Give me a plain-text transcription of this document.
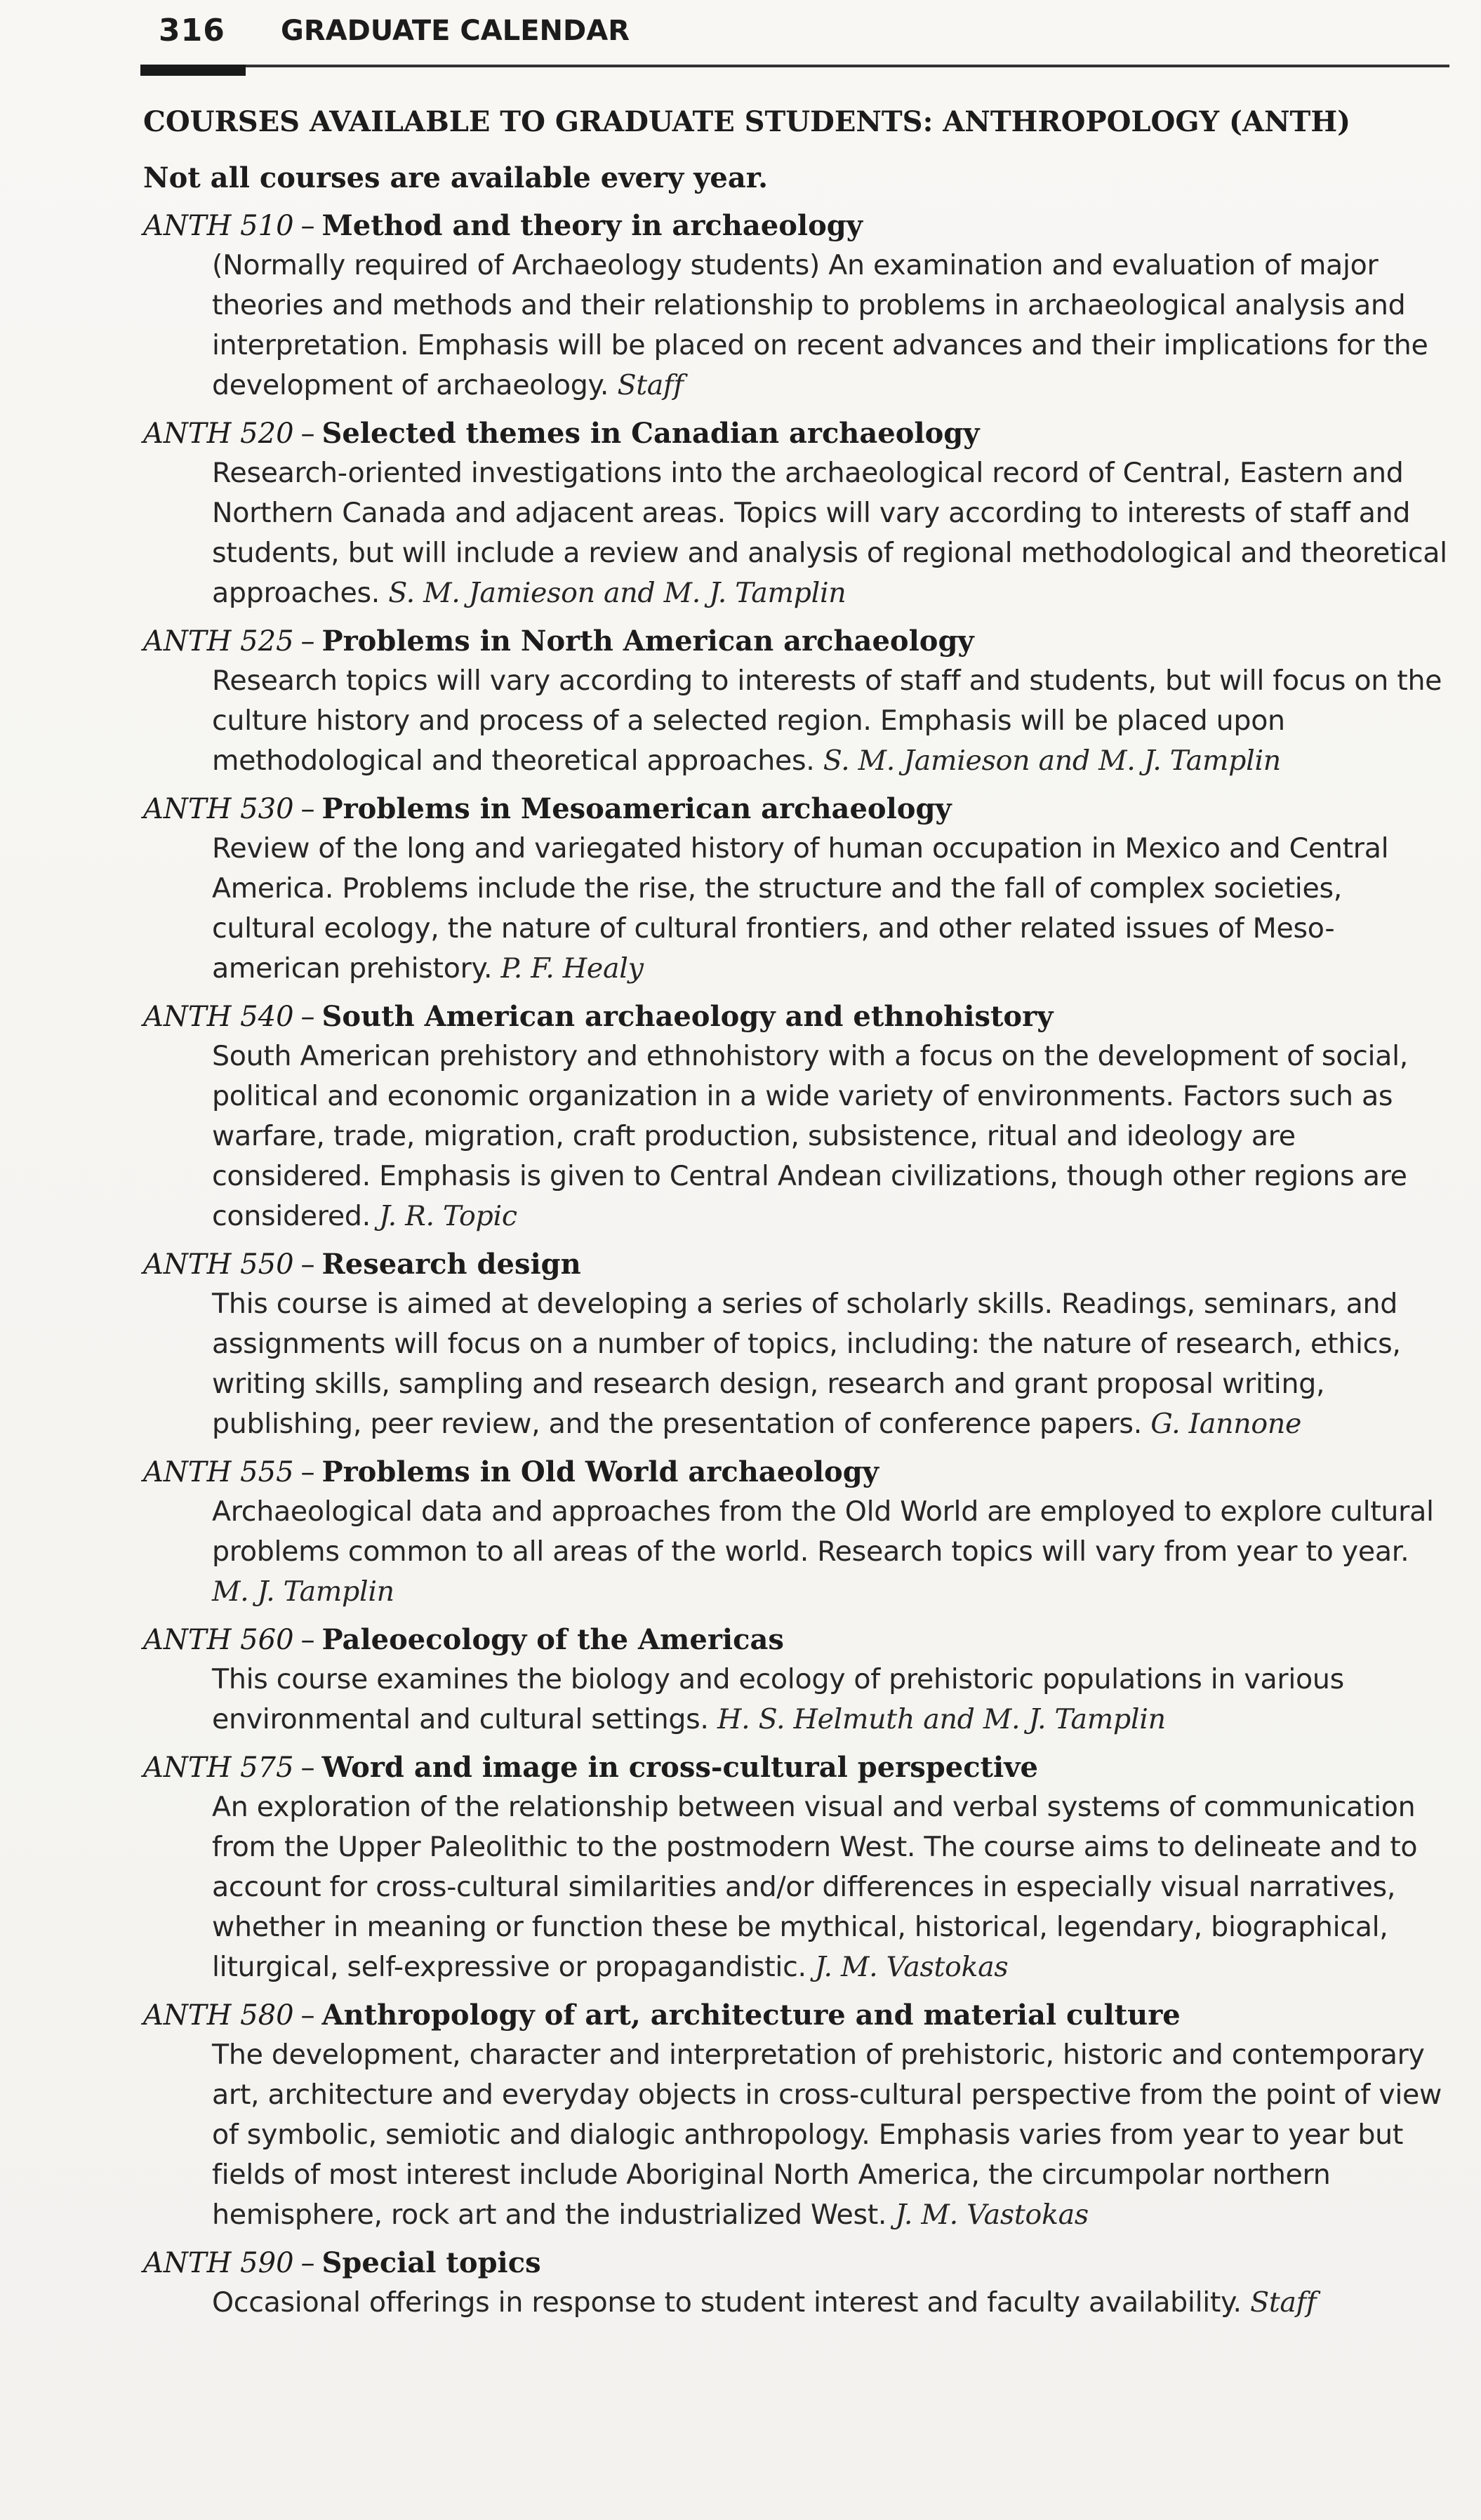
316 GRADUATE CALENDAR
COURSES AVAILABLE TO GRADUATE STUDENTS: ANTHROPOLOGY (ANTH)
Not all courses are available every year.
ANTH 510 – Method and theory in archaeology
(Normally required of Archaeology students) An examination and evaluation of major theories and methods and their relationship to problems in archaeological analysis and interpretation. Emphasis will be placed on recent advances and their implications for the development of archaeology. Staff
ANTH 520 – Selected themes in Canadian archaeology
Research-oriented investigations into the archaeological record of Central, Eastern and Northern Canada and adjacent areas. Topics will vary according to interests of staff and students, but will include a review and analysis of regional methodological and theoretical approaches. S. M. Jamieson and M. J. Tamplin
ANTH 525 – Problems in North American archaeology
Research topics will vary according to interests of staff and students, but will focus on the culture history and process of a selected region. Emphasis will be placed upon methodological and theoretical approaches. S. M. Jamieson and M. J. Tamplin
ANTH 530 – Problems in Mesoamerican archaeology
Review of the long and variegated history of human occupation in Mexico and Central America. Problems include the rise, the structure and the fall of complex societies, cultural ecology, the nature of cultural frontiers, and other related issues of Meso-american prehistory. P. F. Healy
ANTH 540 – South American archaeology and ethnohistory
South American prehistory and ethnohistory with a focus on the development of social, political and economic organization in a wide variety of environments. Factors such as warfare, trade, migration, craft production, subsistence, ritual and ideology are considered. Emphasis is given to Central Andean civilizations, though other regions are considered. J. R. Topic
ANTH 550 – Research design
This course is aimed at developing a series of scholarly skills. Readings, seminars, and assignments will focus on a number of topics, including: the nature of research, ethics, writing skills, sampling and research design, research and grant proposal writing, publishing, peer review, and the presentation of conference papers. G. Iannone
ANTH 555 – Problems in Old World archaeology
Archaeological data and approaches from the Old World are employed to explore cultural problems common to all areas of the world. Research topics will vary from year to year. M. J. Tamplin
ANTH 560 – Paleoecology of the Americas
This course examines the biology and ecology of prehistoric populations in various environmental and cultural settings. H. S. Helmuth and M. J. Tamplin
ANTH 575 – Word and image in cross-cultural perspective
An exploration of the relationship between visual and verbal systems of communication from the Upper Paleolithic to the postmodern West. The course aims to delineate and to account for cross-cultural similarities and/or differences in especially visual narratives, whether in meaning or function these be mythical, historical, legendary, biographical, liturgical, self-expressive or propagandistic. J. M. Vastokas
ANTH 580 – Anthropology of art, architecture and material culture
The development, character and interpretation of prehistoric, historic and contemporary art, architecture and everyday objects in cross-cultural perspective from the point of view of symbolic, semiotic and dialogic anthropology. Emphasis varies from year to year but fields of most interest include Aboriginal North America, the circumpolar northern hemisphere, rock art and the industrialized West. J. M. Vastokas
ANTH 590 – Special topics
Occasional offerings in response to student interest and faculty availability. Staff
